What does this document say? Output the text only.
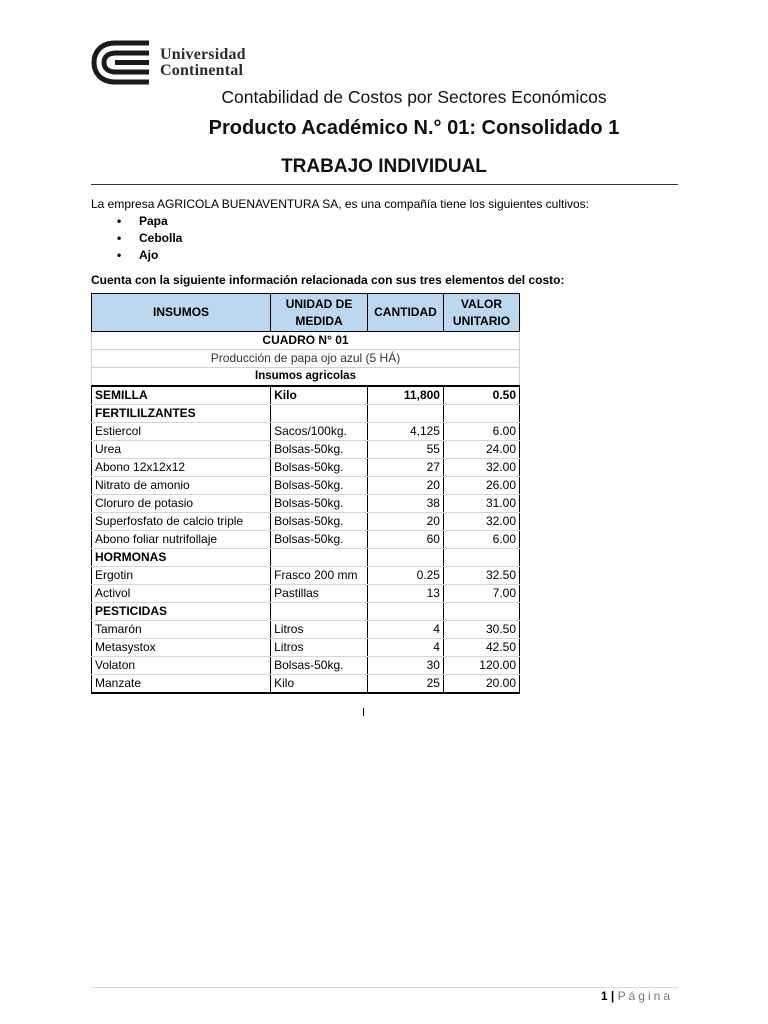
Universidad
Continental
Contabilidad de Costos por Sectores Económicos
Producto Académico N.° 01: Consolidado 1
TRABAJO INDIVIDUAL
La empresa AGRICOLA BUENAVENTURA SA, es una compañía tiene los siguientes cultivos:
• Papa
• Cebolla
• Ajo
Cuenta con la siguiente información relacionada con sus tres elementos del costo:
CUADRO N° 01			
Producción de papa ojo azul (5 HÁ)			
Insumos agricolas			
INSUMOS	UNIDAD DE MEDIDA	CANTIDAD	VALOR UNITARIO
SEMILLA	Kilo	11,800	0.50
FERTILILZANTES			
Estiercol	Sacos/100kg.	4,125	6.00
Urea	Bolsas-50kg.	55	24.00
Abono 12x12x12	Bolsas-50kg.	27	32.00
Nitrato de amonio	Bolsas-50kg.	20	26.00
Cloruro de potasio	Bolsas-50kg.	38	31.00
Superfosfato de calcio triple	Bolsas-50kg.	20	32.00
Abono foliar nutrifollaje	Bolsas-50kg.	60	6.00
HORMONAS			
Ergotin	Frasco 200 mm	0.25	32.50
Activol	Pastillas	13	7.00
PESTICIDAS			
Tamarón	Litros	4	30.50
Metasystox	Litros	4	42.50
Volaton	Bolsas-50kg.	30	120.00
Manzate	Kilo	25	20.00
1 | Página
